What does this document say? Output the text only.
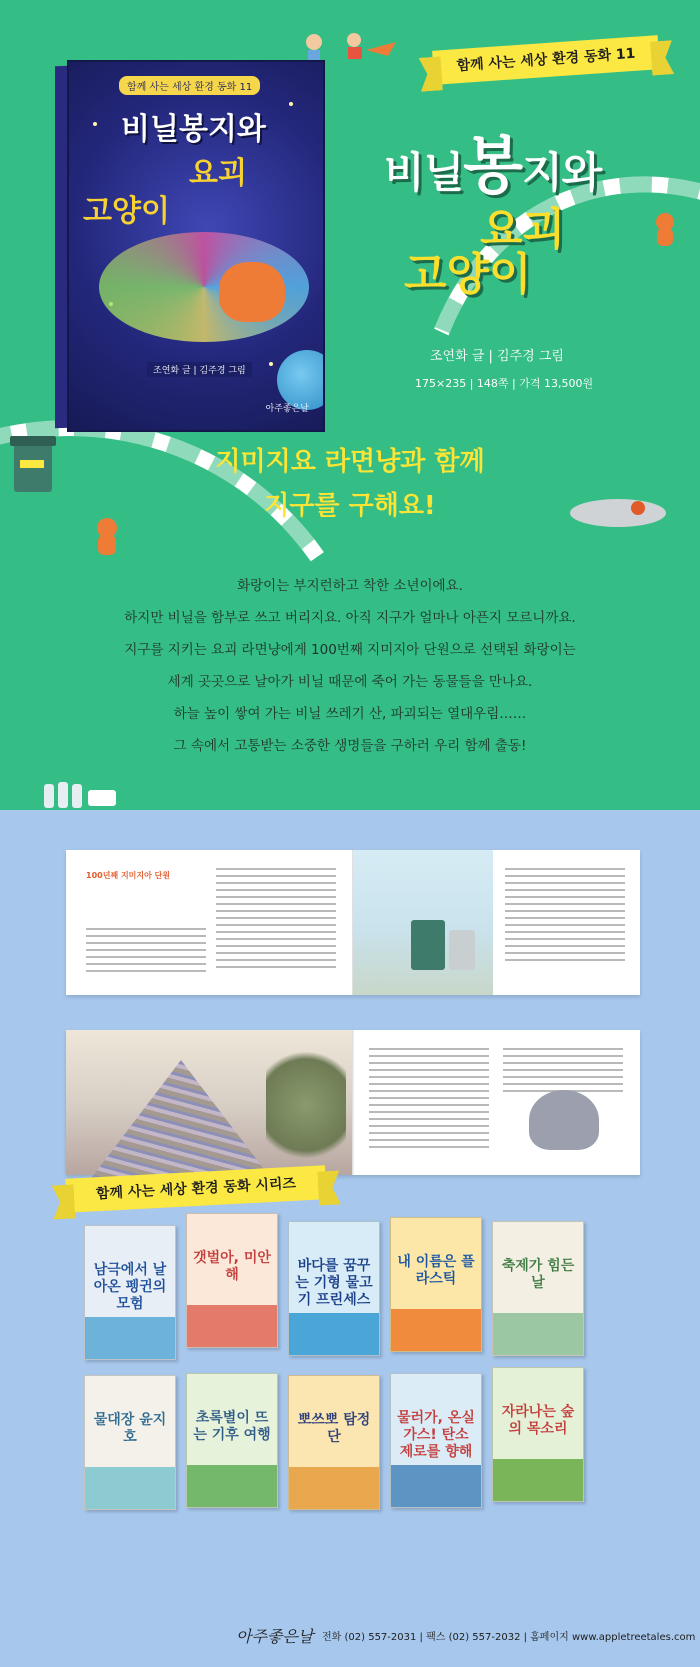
함께 사는 세상 환경 동화 11
비닐봉지와
요괴
고양이
조연화 글 | 김주경 그림
아주좋은날
함께 사는 세상 환경 동화 11
비닐봉지와
요괴
고양이
조연화 글 | 김주경 그림
175×235 | 148쪽 | 가격 13,500원
지미지요 라면냥과 함께
지구를 구해요!
화랑이는 부지런하고 착한 소년이에요.
하지만 비닐을 함부로 쓰고 버리지요. 아직 지구가 얼마나 아픈지 모르니까요.
지구를 지키는 요괴 라면냥에게 100번째 지미지아 단원으로 선택된 화랑이는
세계 곳곳으로 날아가 비닐 때문에 죽어 가는 동물들을 만나요.
하늘 높이 쌓여 가는 비닐 쓰레기 산, 파괴되는 열대우림……
그 속에서 고통받는 소중한 생명들을 구하러 우리 함께 출동!
100년째 지미지아 단원
함께 사는 세상 환경 동화 시리즈
남극에서 날아온 펭귄의 모험
갯벌아, 미안해
바다를 꿈꾸는 기형 물고기 프린세스
내 이름은 플라스틱
축제가 힘든 날
물대장 윤지호
초록별이 뜨는 기후 여행
뽀쓰뽀 탐정단
물러가, 온실가스! 탄소 제로를 향해
자라나는 숲의 목소리
아주좋은날 전화 (02) 557-2031 | 팩스 (02) 557-2032 | 홈페이지 www.appletreetales.com
